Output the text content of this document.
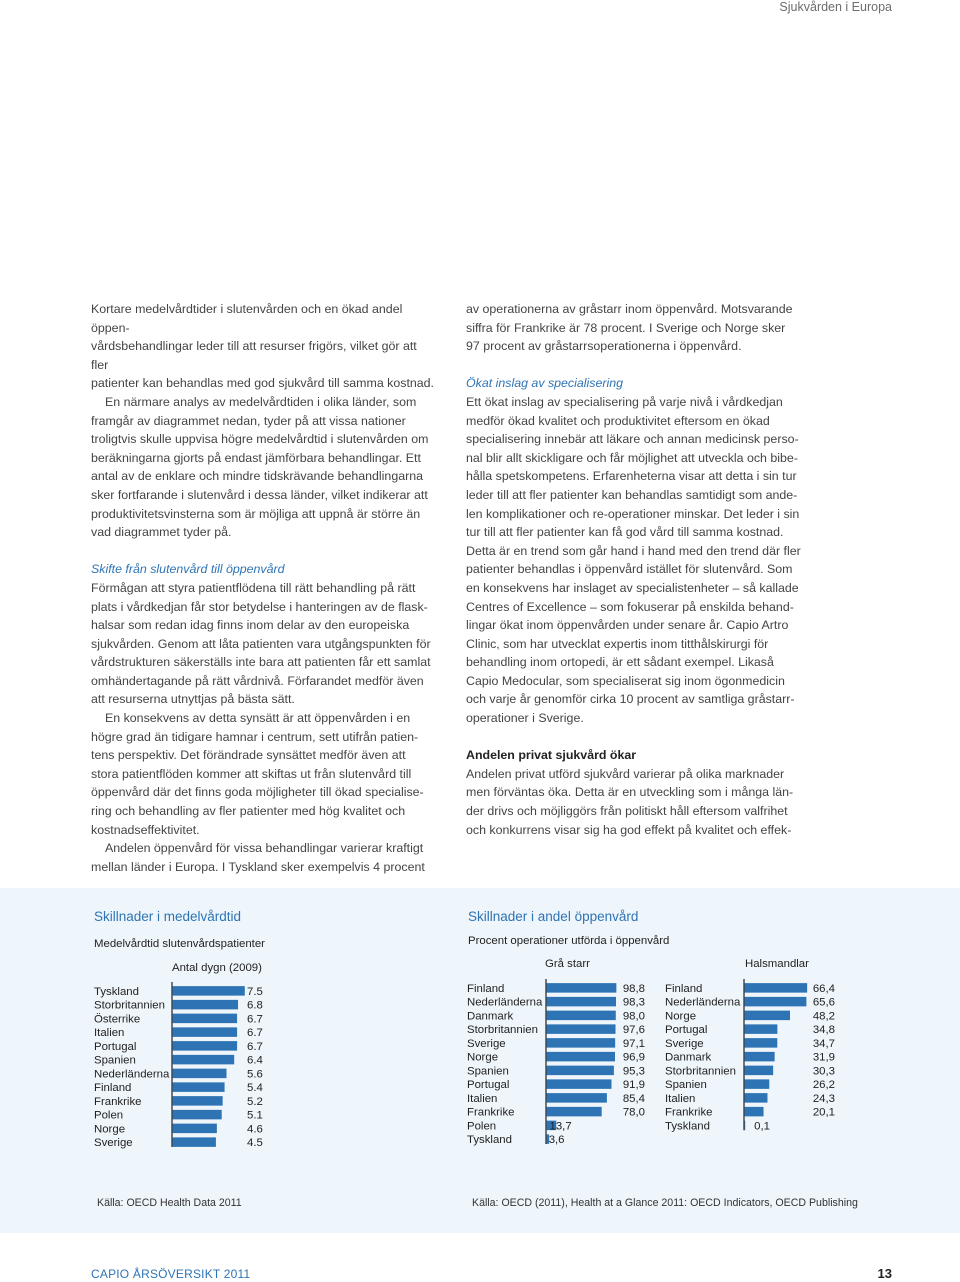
Sjukvården i Europa

Kortare medelvårdtider i slutenvården och en ökad andel öppen-

vårdsbehandlingar leder till att resurser frigörs, vilket gör att fler

patienter kan behandlas med god sjukvård till samma kostnad.

En närmare analys av medelvårdtiden i olika länder, som

framgår av diagrammet nedan, tyder på att vissa nationer

troligtvis skulle uppvisa högre medelvårdtid i slutenvården om

beräkningarna gjorts på endast jämförbara behandlingar. Ett

antal av de enklare och mindre tidskrävande behandlingarna

sker fortfarande i slutenvård i dessa länder, vilket indikerar att

produktivitetsvinsterna som är möjliga att uppnå är större än

vad diagrammet tyder på.

Skifte från slutenvård till öppenvård

Förmågan att styra patientflödena till rätt behandling på rätt

plats i vårdkedjan får stor betydelse i hanteringen av de flask-

halsar som redan idag finns inom delar av den europeiska

sjukvården. Genom att låta patienten vara utgångspunkten för

vårdstrukturen säkerställs inte bara att patienten får ett samlat

omhändertagande på rätt vårdnivå. Förfarandet medför även

att resurserna utnyttjas på bästa sätt.

En konsekvens av detta synsätt är att öppenvården i en

högre grad än tidigare hamnar i centrum, sett utifrån patien-

tens perspektiv. Det förändrade synsättet medför även att

stora patientflöden kommer att skiftas ut från slutenvård till

öppenvård där det finns goda möjligheter till ökad specialise-

ring och behandling av fler patienter med hög kvalitet och

kostnadseffektivitet.

Andelen öppenvård för vissa behandlingar varierar kraftigt

mellan länder i Europa. I Tyskland sker exempelvis 4 procent

av operationerna av gråstarr inom öppenvård. Motsvarande

siffra för Frankrike är 78 procent. I Sverige och Norge sker

97 procent av gråstarrsoperationerna i öppenvård.

Ökat inslag av specialisering

Ett ökat inslag av specialisering på varje nivå i vårdkedjan

medför ökad kvalitet och produktivitet eftersom en ökad

specialisering innebär att läkare och annan medicinsk perso-

nal blir allt skickligare och får möjlighet att utveckla och bibe-

hålla spetskompetens. Erfarenheterna visar att detta i sin tur

leder till att fler patienter kan behandlas samtidigt som ande-

len komplikationer och re-operationer minskar. Det leder i sin

tur till att fler patienter kan få god vård till samma kostnad.

Detta är en trend som går hand i hand med den trend där fler

patienter behandlas i öppenvård istället för slutenvård. Som

en konsekvens har inslaget av specialistenheter – så kallade

Centres of Excellence – som fokuserar på enskilda behand-

lingar ökat inom öppenvården under senare år. Capio Artro

Clinic, som har utvecklat expertis inom titthålskirurgi för

behandling inom ortopedi, är ett sådant exempel. Likaså

Capio Medocular, som specialiserat sig inom ögonmedicin

och varje år genomför cirka 10 procent av samtliga gråstarr-

operationer i Sverige.

Andelen privat sjukvård ökar

Andelen privat utförd sjukvård varierar på olika marknader

men förväntas öka. Detta är en utveckling som i många län-

der drivs och möjliggörs från politiskt håll eftersom valfrihet

och konkurrens visar sig ha god effekt på kvalitet och effek-

Skillnader i medelvårdtid
Medelvårdtid slutenvårdspatienter
Antal dygn (2009)
Tyskland	7.5
Storbritannien	6.8
Österrike	6.7
Italien	6.7
Portugal	6.7
Spanien	6.4
Nederländerna	5.6
Finland	5.4
Frankrike	5.2
Polen	5.1
Norge	4.6
Sverige	4.5
Finland	98,8
Nederländerna	98,3
Danmark	98,0
Storbritannien	97,6
Sverige	97,1
Norge	96,9
Spanien	95,3
Portugal	91,9
Italien	85,4
Frankrike	78,0
Polen	13,7
Tyskland	3,6
Finland	66,4
Nederländerna	65,6
Norge	48,2
Portugal	34,8
Sverige	34,7
Danmark	31,9
Storbritannien	30,3
Spanien	26,2
Italien	24,3
Frankrike	20,1
Tyskland	0,1
Källa: OECD Health Data 2011
Skillnader i andel öppenvård
Procent operationer utförda i öppenvård
Grå starr	Halsmandlar
Källa: OECD (2011), Health at a Glance 2011: OECD Indicators, OECD Publishing
CAPIO ÅRSÖVERSIKT 2011	13
